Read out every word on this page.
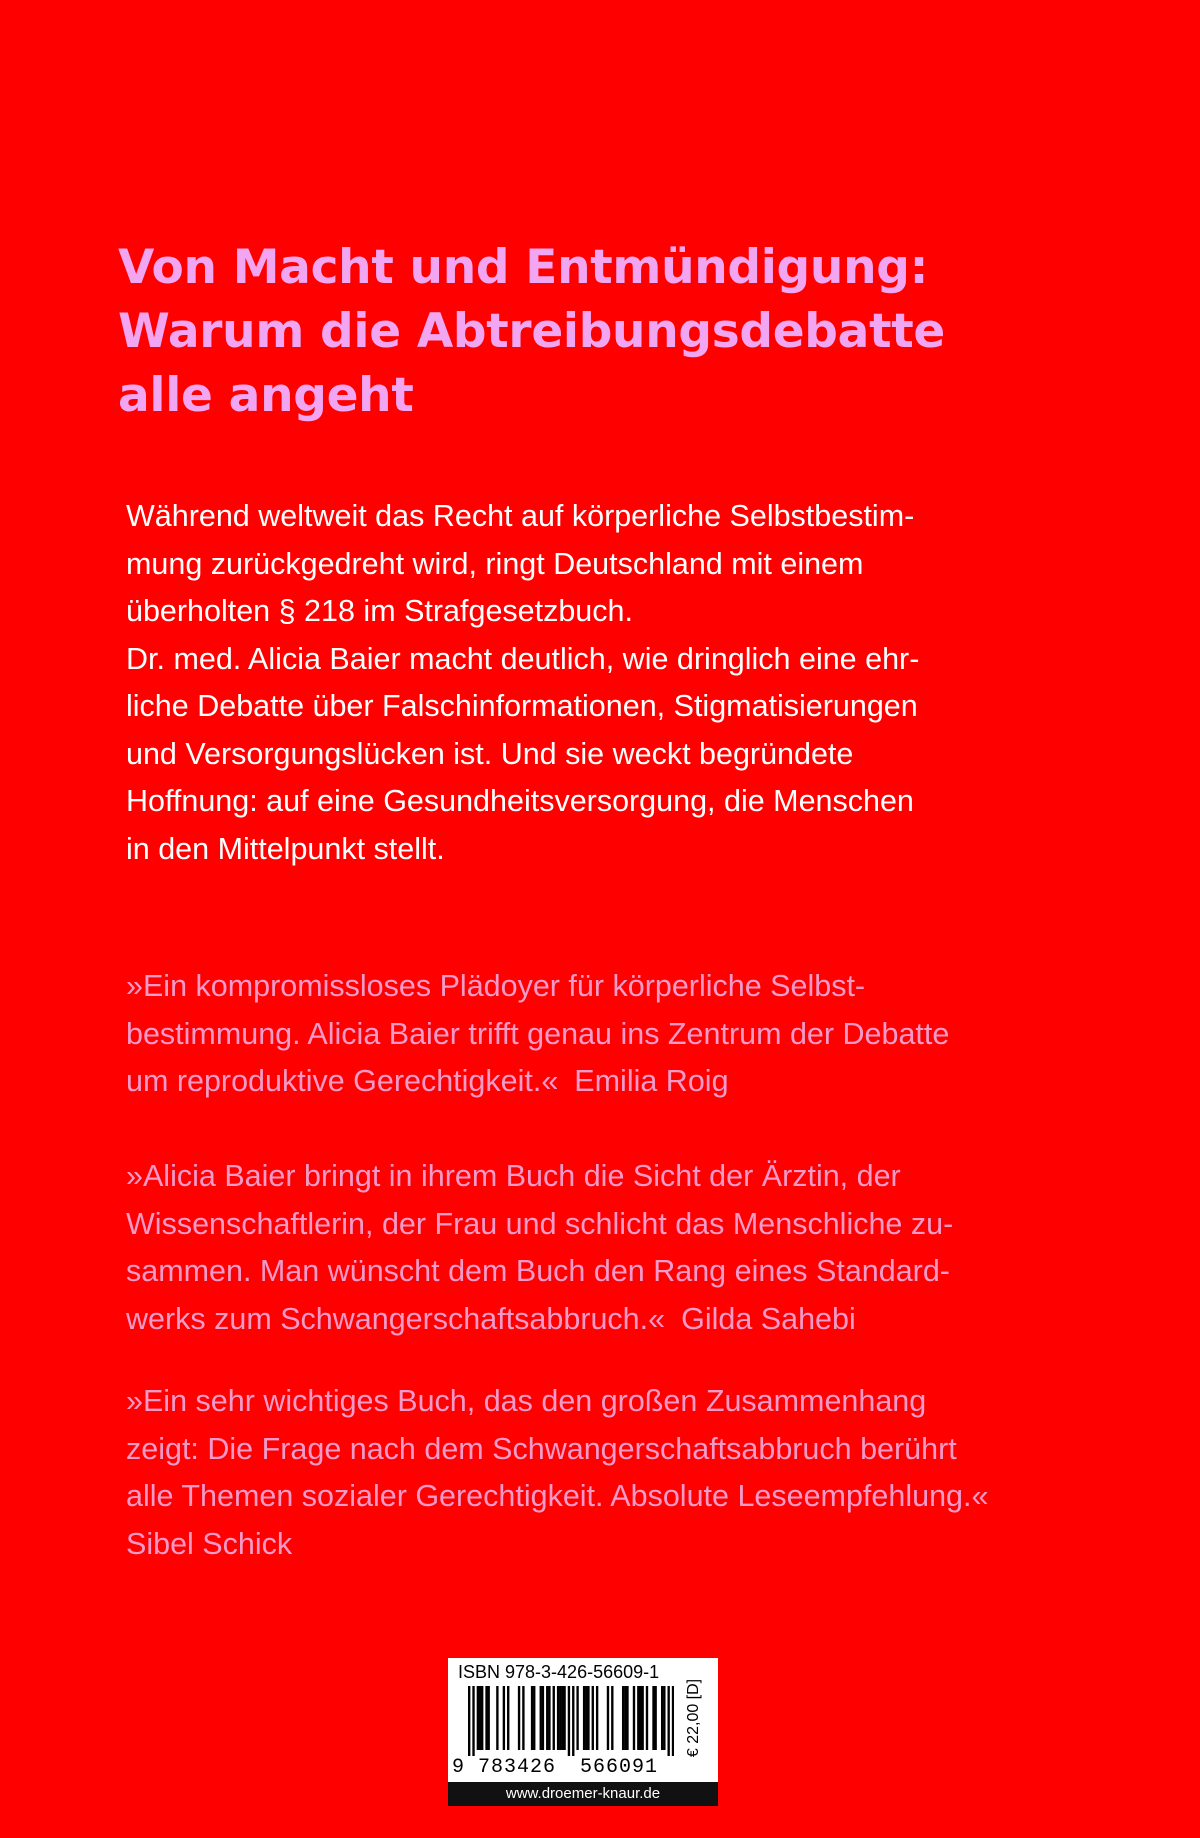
Von Macht und Entmündigung:
Warum die Abtreibungsdebatte
alle angeht
Während weltweit das Recht auf körperliche Selbstbestim-
mung zurückgedreht wird, ringt Deutschland mit einem
überholten § 218 im Strafgesetzbuch.
Dr. med. Alicia Baier macht deutlich, wie dringlich eine ehr-
liche Debatte über Falschinformationen, Stigmatisierungen
und Versorgungslücken ist. Und sie weckt begründete
Hoffnung: auf eine Gesundheitsversorgung, die Menschen
in den Mittelpunkt stellt.
»Ein kompromissloses Plädoyer für körperliche Selbst-
bestimmung. Alicia Baier trifft genau ins Zentrum der Debatte
um reproduktive Gerechtigkeit.« Emilia Roig
»Alicia Baier bringt in ihrem Buch die Sicht der Ärztin, der
Wissenschaftlerin, der Frau und schlicht das Menschliche zu-
sammen. Man wünscht dem Buch den Rang eines Standard-
werks zum Schwangerschaftsabbruch.« Gilda Sahebi
»Ein sehr wichtiges Buch, das den großen Zusammenhang
zeigt: Die Frage nach dem Schwangerschaftsabbruch berührt
alle Themen sozialer Gerechtigkeit. Absolute Leseempfehlung.«
Sibel Schick
ISBN 978-3-426-56609-1
9 783426 566091
€ 22,00 [D]
www.droemer-knaur.de
